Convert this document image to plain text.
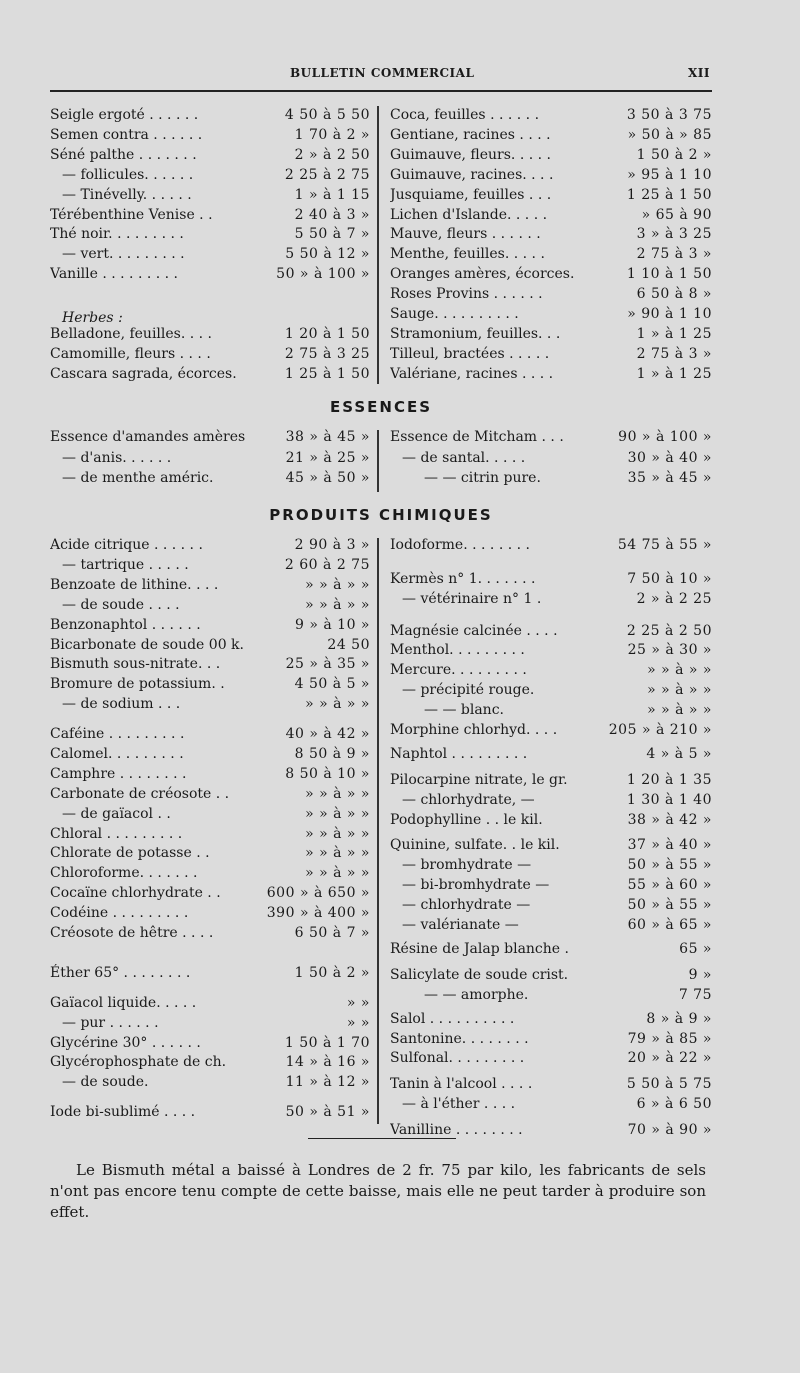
BULLETIN COMMERCIAL	XII
Seigle ergoté . . . . . .	4 50 à 5 50
Semen contra . . . . . .	1 70 à 2 »
Séné palthe . . . . . . .	2 » à 2 50
— follicules. . . . . .	2 25 à 2 75
— Tinévelly. . . . . .	1 » à 1 15
Térébenthine Venise . .	2 40 à 3 »
Thé noir. . . . . . . . .	5 50 à 7 »
— vert. . . . . . . . .	5 50 à 12 »
Vanille . . . . . . . . .	50 » à 100 »
Herbes :
Belladone, feuilles. . . .	1 20 à 1 50
Camomille, fleurs . . . .	2 75 à 3 25
Cascara sagrada, écorces.	1 25 à 1 50
Coca, feuilles . . . . . .	3 50 à 3 75
Gentiane, racines . . . .	» 50 à » 85
Guimauve, fleurs. . . . .	1 50 à 2 »
Guimauve, racines. . . .	» 95 à 1 10
Jusquiame, feuilles . . .	1 25 à 1 50
Lichen d'Islande. . . . .	» 65 à 90
Mauve, fleurs . . . . . .	3 » à 3 25
Menthe, feuilles. . . . .	2 75 à 3 »
Oranges amères, écorces.	1 10 à 1 50
Roses Provins . . . . . .	6 50 à 8 »
Sauge. . . . . . . . . .	» 90 à 1 10
Stramonium, feuilles. . .	1 » à 1 25
Tilleul, bractées . . . . .	2 75 à 3 »
Valériane, racines . . . .	1 » à 1 25
ESSENCES
Essence d'amandes amères	38 » à 45 »
— d'anis. . . . . .	21 » à 25 »
— de menthe améric.	45 » à 50 »
Essence de Mitcham . . .	90 » à 100 »
— de santal. . . . .	30 » à 40 »
— — citrin pure.	35 » à 45 »
PRODUITS CHIMIQUES
Acide citrique . . . . . .	2 90 à 3 »
— tartrique . . . . .	2 60 à 2 75
Benzoate de lithine. . . .	» » à » »
— de soude . . . .	» » à » »
Benzonaphtol . . . . . .	9 » à 10 »
Bicarbonate de soude 00 k.	24 50
Bismuth sous-nitrate. . .	25 » à 35 »
Bromure de potassium. .	4 50 à 5 »
— de sodium . . .	» » à » »
Caféine . . . . . . . . .	40 » à 42 »
Calomel. . . . . . . . .	8 50 à 9 »
Camphre . . . . . . . .	8 50 à 10 »
Carbonate de créosote . .	» » à » »
— de gaïacol . .	» » à » »
Chloral . . . . . . . . .	» » à » »
Chlorate de potasse . .	» » à » »
Chloroforme. . . . . . .	» » à » »
Cocaïne chlorhydrate . .	600 » à 650 »
Codéine . . . . . . . . .	390 » à 400 »
Créosote de hêtre . . . .	6 50 à 7 »
Éther 65° . . . . . . . .	1 50 à 2 »
Gaïacol liquide. . . . .	» »
— pur . . . . . .	» »
Glycérine 30° . . . . . .	1 50 à 1 70
Glycérophosphate de ch.	14 » à 16 »
— de soude.	11 » à 12 »
Iode bi-sublimé . . . .	50 » à 51 »
Iodoforme. . . . . . . .	54 75 à 55 »
Kermès n° 1. . . . . . .	7 50 à 10 »
— vétérinaire n° 1 .	2 » à 2 25
Magnésie calcinée . . . .	2 25 à 2 50
Menthol. . . . . . . . .	25 » à 30 »
Mercure. . . . . . . . .	» » à » »
— précipité rouge.	» » à » »
— — blanc.	» » à » »
Morphine chlorhyd. . . .	205 » à 210 »
Naphtol . . . . . . . . .	4 » à 5 »
Pilocarpine nitrate, le gr.	1 20 à 1 35
— chlorhydrate, —	1 30 à 1 40
Podophylline . . le kil.	38 » à 42 »
Quinine, sulfate. . le kil.	37 » à 40 »
— bromhydrate —	50 » à 55 »
— bi-bromhydrate —	55 » à 60 »
— chlorhydrate —	50 » à 55 »
— valérianate —	60 » à 65 »
Résine de Jalap blanche .	65 »
Salicylate de soude crist.	9 »
— — amorphe.	7 75
Salol . . . . . . . . . .	8 » à 9 »
Santonine. . . . . . . .	79 » à 85 »
Sulfonal. . . . . . . . .	20 » à 22 »
Tanin à l'alcool . . . .	5 50 à 5 75
— à l'éther . . . .	6 » à 6 50
Vanilline . . . . . . . .	70 » à 90 »
Le Bismuth métal a baissé à Londres de 2 fr. 75 par kilo, les fabricants de sels n'ont pas encore tenu compte de cette baisse, mais elle ne peut tarder à produire son effet.
